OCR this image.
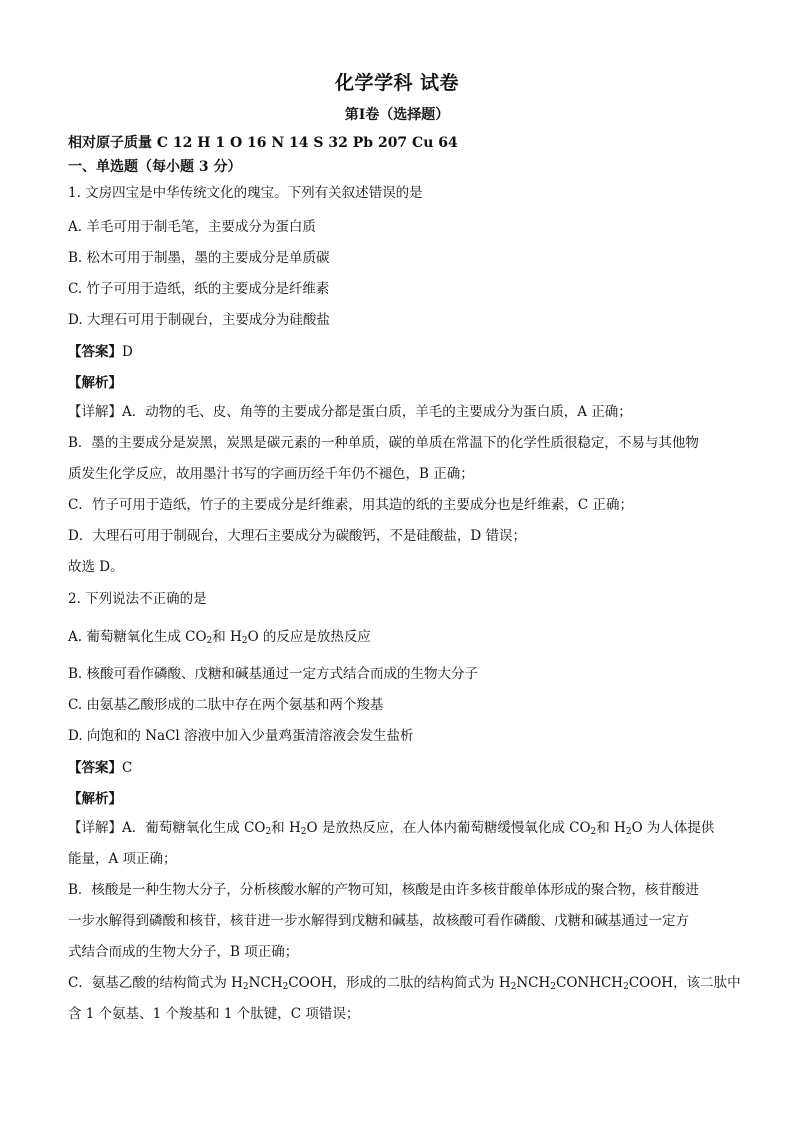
化学学科 试卷
第Ⅰ卷（选择题）
相对原子质量 C 12 H 1 O 16 N 14 S 32 Pb 207 Cu 64
一、单选题（每小题 3 分）
1. 文房四宝是中华传统文化的瑰宝。下列有关叙述错误的是
A. 羊毛可用于制毛笔，主要成分为蛋白质
B. 松木可用于制墨，墨的主要成分是单质碳
C. 竹子可用于造纸，纸的主要成分是纤维素
D. 大理石可用于制砚台，主要成分为硅酸盐
【答案】D
【解析】
【详解】A．动物的毛、皮、角等的主要成分都是蛋白质，羊毛的主要成分为蛋白质，A 正确；
B．墨的主要成分是炭黑，炭黑是碳元素的一种单质，碳的单质在常温下的化学性质很稳定，不易与其他物
质发生化学反应，故用墨汁书写的字画历经千年仍不褪色，B 正确；
C．竹子可用于造纸，竹子的主要成分是纤维素，用其造的纸的主要成分也是纤维素，C 正确；
D．大理石可用于制砚台，大理石主要成分为碳酸钙，不是硅酸盐，D 错误；
故选 D。
2. 下列说法不正确的是
A. 葡萄糖氧化生成 $CO_2$和 $H_2O$ 的反应是放热反应
B. 核酸可看作磷酸、戊糖和碱基通过一定方式结合而成的生物大分子
C. 由氨基乙酸形成的二肽中存在两个氨基和两个羧基
D. 向饱和的 NaCl 溶液中加入少量鸡蛋清溶液会发生盐析
【答案】C
【解析】
【详解】A．葡萄糖氧化生成 $CO_2$和 $H_2O$ 是放热反应，在人体内葡萄糖缓慢氧化成 $CO_2$和 $H_2O$ 为人体提供
能量，A 项正确；
B．核酸是一种生物大分子，分析核酸水解的产物可知，核酸是由许多核苷酸单体形成的聚合物，核苷酸进
一步水解得到磷酸和核苷，核苷进一步水解得到戊糖和碱基，故核酸可看作磷酸、戊糖和碱基通过一定方
式结合而成的生物大分子，B 项正确；
C．氨基乙酸的结构简式为 $H_2NCH_2COOH$，形成的二肽的结构简式为 $H_2NCH_2CONHCH_2COOH$，该二肽中
含 1 个氨基、1 个羧基和 1 个肽键，C 项错误；
